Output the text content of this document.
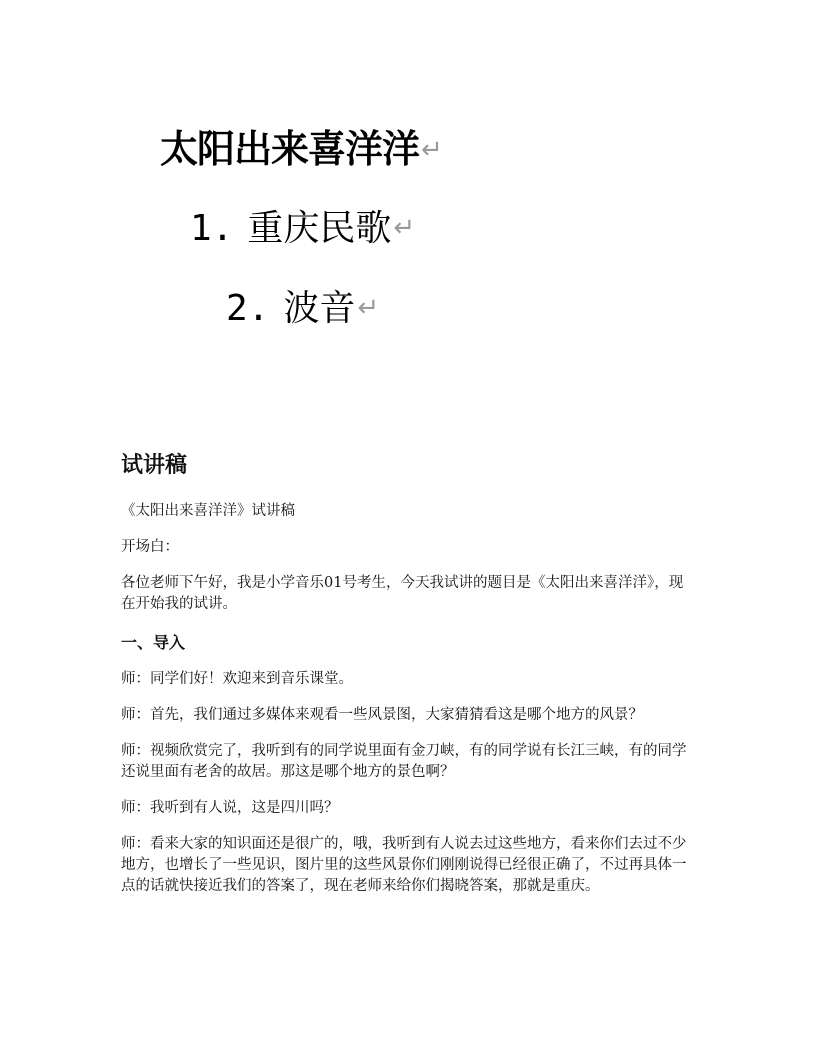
太阳出来喜洋洋↵
1. 重庆民歌↵
2. 波音↵
试讲稿

《太阳出来喜洋洋》试讲稿

开场白：

各位老师下午好，我是小学音乐01号考生，今天我试讲的题目是《太阳出来喜洋洋》，现在开始我的试讲。

一、导入

师：同学们好！欢迎来到音乐课堂。

师：首先，我们通过多媒体来观看一些风景图，大家猜猜看这是哪个地方的风景？

师：视频欣赏完了，我听到有的同学说里面有金刀峡，有的同学说有长江三峡，有的同学还说里面有老舍的故居。那这是哪个地方的景色啊？

师：我听到有人说，这是四川吗？

师：看来大家的知识面还是很广的，哦，我听到有人说去过这些地方，看来你们去过不少地方，也增长了一些见识，图片里的这些风景你们刚刚说得已经很正确了，不过再具体一点的话就快接近我们的答案了，现在老师来给你们揭晓答案，那就是重庆。
